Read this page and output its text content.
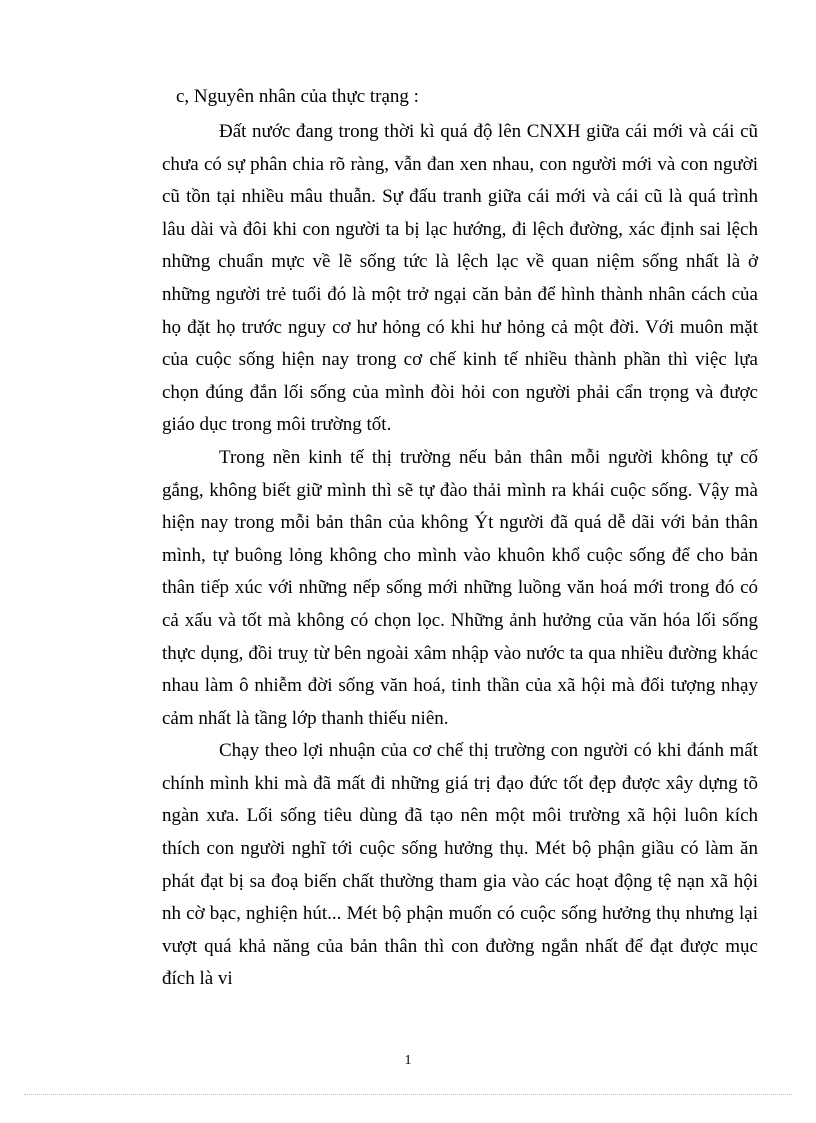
c, Nguyên nhân của thực trạng :

Đất nước đang trong thời kì quá độ lên CNXH giữa cái mới và cái cũ chưa có sự phân chia rõ ràng, vẫn đan xen nhau, con người mới và con người cũ tồn tại nhiều mâu thuẫn. Sự đấu tranh giữa cái mới và cái cũ là quá trình lâu dài và đôi khi con người ta bị lạc hướng, đi lệch đường, xác định sai lệch những chuẩn mực về lẽ sống tức là lệch lạc về quan niệm sống nhất là ở những người trẻ tuổi đó là một trở ngại căn bản để hình thành nhân cách của họ đặt họ trước nguy cơ hư hỏng có khi hư hỏng cả một đời. Với muôn mặt của cuộc sống hiện nay trong cơ chế kinh tế nhiều thành phần thì việc lựa chọn đúng đắn lối sống của mình đòi hỏi con người phải cẩn trọng và được giáo dục trong môi trường tốt.

Trong nền kinh tế thị trường nếu bản thân mỗi người không tự cố gắng, không biết giữ mình thì sẽ tự đào thải mình ra khái cuộc sống. Vậy mà hiện nay trong mỗi bản thân của không Ýt người đã quá dễ dãi với bản thân mình, tự buông lỏng không cho mình vào khuôn khổ cuộc sống để cho bản thân tiếp xúc với những nếp sống mới những luồng văn hoá mới trong đó có cả xấu và tốt mà không có chọn lọc. Những ảnh hưởng của văn hóa lối sống thực dụng, đồi truỵ từ bên ngoài xâm nhập vào nước ta qua nhiều đường khác nhau làm ô nhiễm đời sống văn hoá, tinh thần của xã hội mà đối tượng nhạy cảm nhất là tầng lớp thanh thiếu niên.

Chạy theo lợi nhuận của cơ chế thị trường con người có khi đánh mất chính mình khi mà đã mất đi những giá trị đạo đức tốt đẹp được xây dựng tõ ngàn xưa. Lối sống tiêu dùng đã tạo nên một môi trường xã hội luôn kích thích con người nghĩ tới cuộc sống hưởng thụ. Mét bộ phận giầu có làm ăn phát đạt bị sa đoạ biến chất thường tham gia vào các hoạt động tệ nạn xã hội nh cờ bạc, nghiện hút... Mét bộ phận muốn có cuộc sống hưởng thụ nhưng lại vượt quá khả năng của bản thân thì con đường ngắn nhất để đạt được mục đích là vi

1
